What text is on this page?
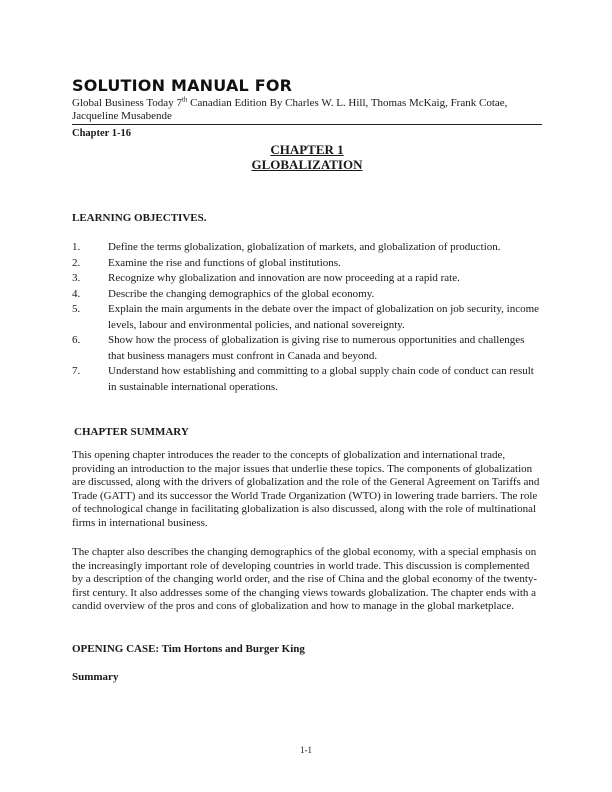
SOLUTION MANUAL FOR
Global Business Today 7th Canadian Edition By Charles W. L. Hill, Thomas McKaig, Frank Cotae, Jacqueline Musabende
Chapter 1-16
CHAPTER 1
GLOBALIZATION
LEARNING OBJECTIVES.
1.	Define the terms globalization, globalization of markets, and globalization of production.
2.	Examine the rise and functions of global institutions.
3.	Recognize why globalization and innovation are now proceeding at a rapid rate.
4.	Describe the changing demographics of the global economy.
5.	Explain the main arguments in the debate over the impact of globalization on job security, income levels, labour and environmental policies, and national sovereignty.
6.	Show how the process of globalization is giving rise to numerous opportunities and challenges that business managers must confront in Canada and beyond.
7.	Understand how establishing and committing to a global supply chain code of conduct can result in sustainable international operations.
CHAPTER SUMMARY
This opening chapter introduces the reader to the concepts of globalization and international trade, providing an introduction to the major issues that underlie these topics. The components of globalization are discussed, along with the drivers of globalization and the role of the General Agreement on Tariffs and Trade (GATT) and its successor the World Trade Organization (WTO) in lowering trade barriers. The role of technological change in facilitating globalization is also discussed, along with the role of multinational firms in international business.
The chapter also describes the changing demographics of the global economy, with a special emphasis on the increasingly important role of developing countries in world trade. This discussion is complemented by a description of the changing world order, and the rise of China and the global economy of the twenty-first century. It also addresses some of the changing views towards globalization. The chapter ends with a candid overview of the pros and cons of globalization and how to manage in the global marketplace.
OPENING CASE: Tim Hortons and Burger King
Summary
1-1
